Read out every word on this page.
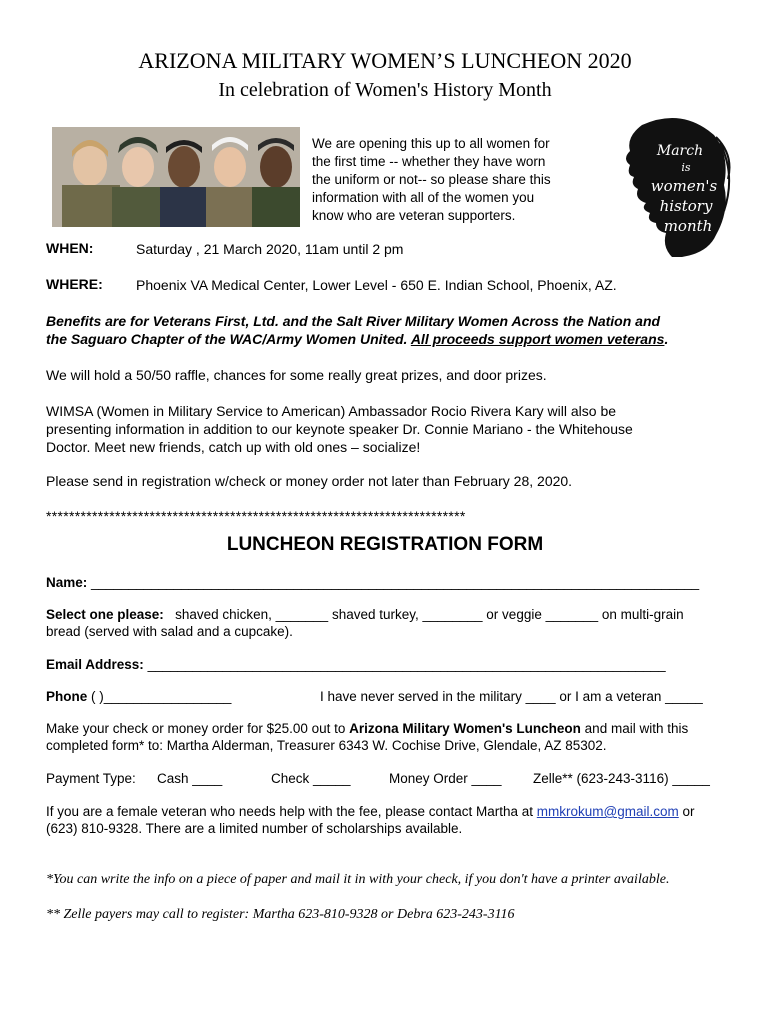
ARIZONA MILITARY WOMEN’S LUNCHEON 2020
In celebration of Women's History Month
We are opening this up to all women for
the first time -- whether they have worn
the uniform or not-- so please share this
information with all of the women you
know who are veteran supporters.
March
is
women's
history
month
WHEN:	Saturday , 21 March 2020, 11am until 2 pm
WHERE: Phoenix VA Medical Center, Lower Level - 650 E. Indian School, Phoenix, AZ.
Benefits are for Veterans First, Ltd. and the Salt River Military Women Across the Nation and
the Saguaro Chapter of the WAC/Army Women United. All proceeds support women veterans.
We will hold a 50/50 raffle, chances for some really great prizes, and door prizes.
WIMSA (Women in Military Service to American) Ambassador Rocio Rivera Kary will also be
presenting information in addition to our keynote speaker Dr. Connie Mariano - the Whitehouse
Doctor. Meet new friends, catch up with old ones – socialize!
Please send in registration w/check or money order not later than February 28, 2020.
*************************************************************************
LUNCHEON REGISTRATION FORM
Name: _________________________________________________________________________________
Select one please: shaved chicken, _______ shaved turkey, ________ or veggie _______ on multi-grain
bread (served with salad and a cupcake).
Email Address: _____________________________________________________________________
Phone ( )_________________	I have never served in the military ____ or I am a veteran _____
Make your check or money order for $25.00 out to Arizona Military Women's Luncheon and mail with this
completed form* to: Martha Alderman, Treasurer 6343 W. Cochise Drive, Glendale, AZ 85302.
Payment Type: Cash ____	Check _____	Money Order ____ Zelle** (623-243-3116) _____
If you are a female veteran who needs help with the fee, please contact Martha at mmkrokum@gmail.com or
(623) 810-9328. There are a limited number of scholarships available.
*You can write the info on a piece of paper and mail it in with your check, if you don't have a printer available.
** Zelle payers may call to register: Martha 623-810-9328 or Debra 623-243-3116
